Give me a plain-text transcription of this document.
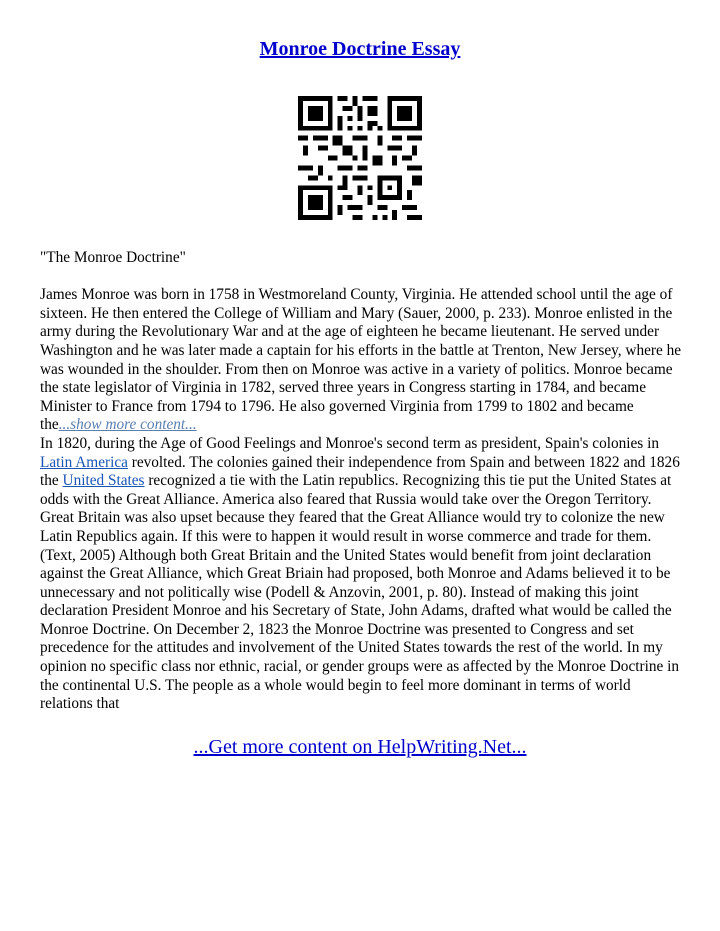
Monroe Doctrine Essay

"The Monroe Doctrine"

James Monroe was born in 1758 in Westmoreland County, Virginia. He attended school until the age of sixteen. He then entered the College of William and Mary (Sauer, 2000, p. 233). Monroe enlisted in the army during the Revolutionary War and at the age of eighteen he became lieutenant. He served under Washington and he was later made a captain for his efforts in the battle at Trenton, New Jersey, where he was wounded in the shoulder. From then on Monroe was active in a variety of politics. Monroe became the state legislator of Virginia in 1782, served three years in Congress starting in 1784, and became Minister to France from 1794 to 1796. He also governed Virginia from 1799 to 1802 and became the...show more content...

In 1820, during the Age of Good Feelings and Monroe's second term as president, Spain's colonies in Latin America revolted. The colonies gained their independence from Spain and between 1822 and 1826 the United States recognized a tie with the Latin republics. Recognizing this tie put the United States at odds with the Great Alliance. America also feared that Russia would take over the Oregon Territory. Great Britain was also upset because they feared that the Great Alliance would try to colonize the new Latin Republics again. If this were to happen it would result in worse commerce and trade for them. (Text, 2005) Although both Great Britain and the United States would benefit from joint declaration against the Great Alliance, which Great Briain had proposed, both Monroe and Adams believed it to be unnecessary and not politically wise (Podell & Anzovin, 2001, p. 80). Instead of making this joint declaration President Monroe and his Secretary of State, John Adams, drafted what would be called the Monroe Doctrine. On December 2, 1823 the Monroe Doctrine was presented to Congress and set precedence for the attitudes and involvement of the United States towards the rest of the world. In my opinion no specific class nor ethnic, racial, or gender groups were as affected by the Monroe Doctrine in the continental U.S. The people as a whole would begin to feel more dominant in terms of world relations that

...Get more content on HelpWriting.Net...
